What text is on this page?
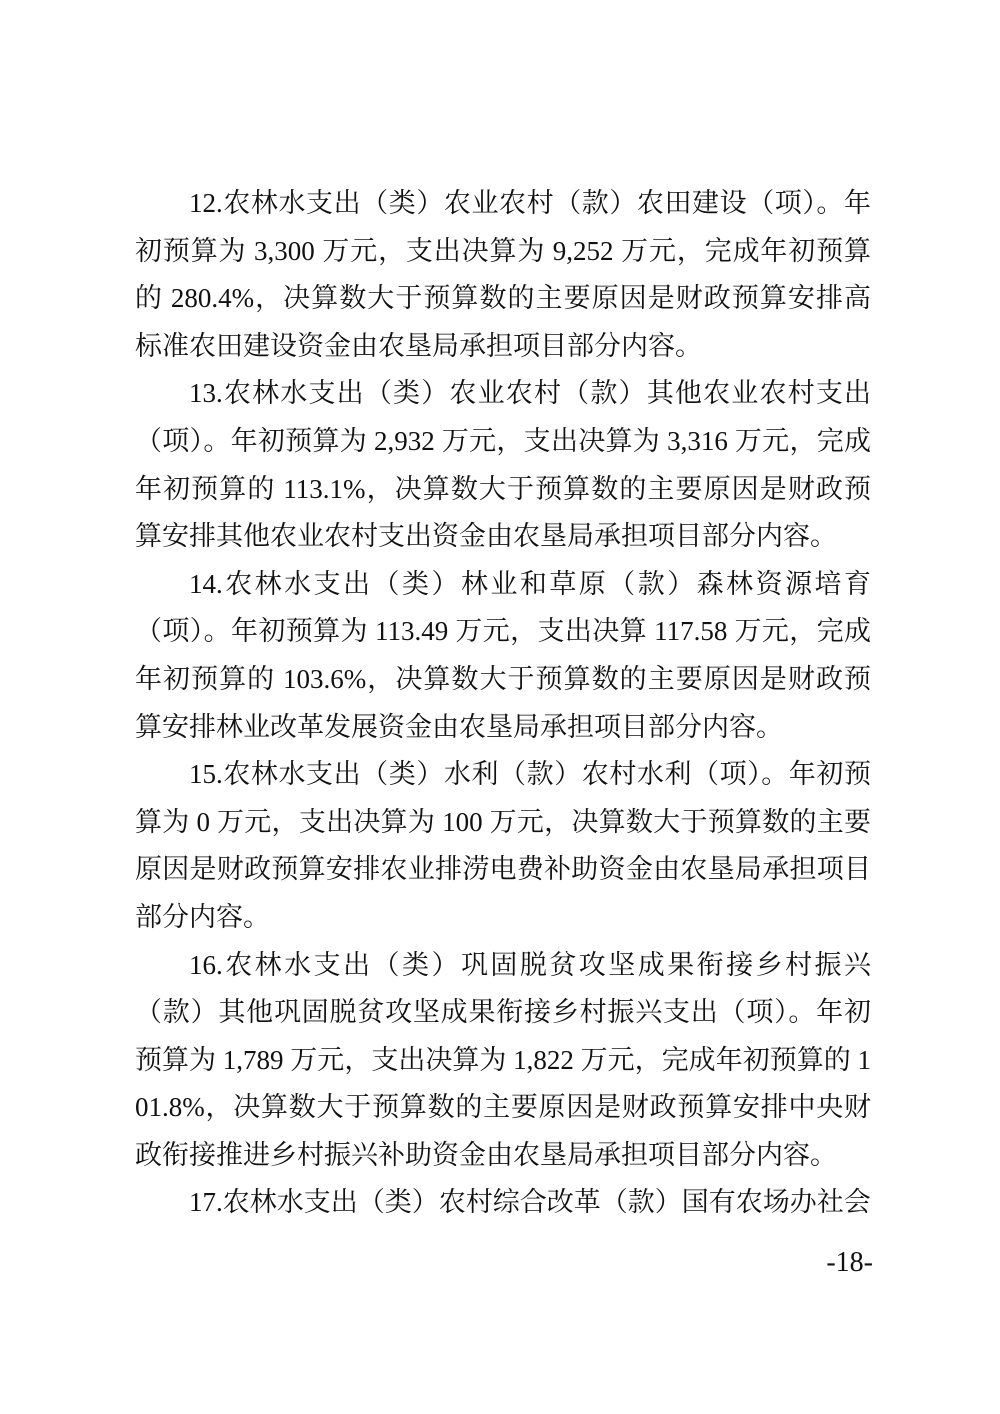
12.农林水支出（类）农业农村（款）农田建设（项）。年初预算为 3,300 万元，支出决算为 9,252 万元，完成年初预算的 280.4%，决算数大于预算数的主要原因是财政预算安排高标准农田建设资金由农垦局承担项目部分内容。

13.农林水支出（类）农业农村（款）其他农业农村支出（项）。年初预算为 2,932 万元，支出决算为 3,316 万元，完成年初预算的 113.1%，决算数大于预算数的主要原因是财政预算安排其他农业农村支出资金由农垦局承担项目部分内容。

14.农林水支出（类）林业和草原（款）森林资源培育（项）。年初预算为 113.49 万元，支出决算 117.58 万元，完成年初预算的 103.6%，决算数大于预算数的主要原因是财政预算安排林业改革发展资金由农垦局承担项目部分内容。

15.农林水支出（类）水利（款）农村水利（项）。年初预算为 0 万元，支出决算为 100 万元，决算数大于预算数的主要原因是财政预算安排农业排涝电费补助资金由农垦局承担项目部分内容。

16.农林水支出（类）巩固脱贫攻坚成果衔接乡村振兴（款）其他巩固脱贫攻坚成果衔接乡村振兴支出（项）。年初预算为 1,789 万元，支出决算为 1,822 万元，完成年初预算的 101.8%，决算数大于预算数的主要原因是财政预算安排中央财政衔接推进乡村振兴补助资金由农垦局承担项目部分内容。

17.农林水支出（类）农村综合改革（款）国有农场办社会

-18-
